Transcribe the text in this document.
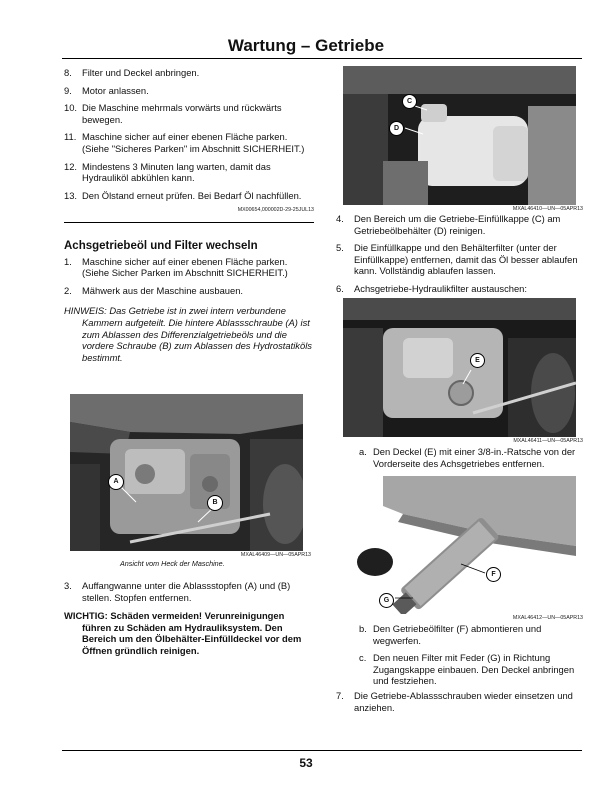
Wartung – Getriebe
8. Filter und Deckel anbringen.
9. Motor anlassen.
10. Die Maschine mehrmals vorwärts und rückwärts bewegen.
11. Maschine sicher auf einer ebenen Fläche parken. (Siehe "Sicheres Parken" im Abschnitt SICHERHEIT.)
12. Mindestens 3 Minuten lang warten, damit das Hydrauliköl abkühlen kann.
13. Den Ölstand erneut prüfen. Bei Bedarf Öl nachfüllen.
MX00654,000002D-29-25JUL13
Achsgetriebeöl und Filter wechseln
1. Maschine sicher auf einer ebenen Fläche parken. (Siehe Sicher Parken im Abschnitt SICHERHEIT.)
2. Mähwerk aus der Maschine ausbauen.
HINWEIS: Das Getriebe ist in zwei intern verbundene
Kammern aufgeteilt. Die hintere Ablassschraube (A) ist zum Ablassen des Differenzialgetriebeöls und die vordere Schraube (B) zum Ablassen des Hydrostatiköls bestimmt.
A
B
MXAL46409—UN—05APR13
Ansicht vom Heck der Maschine.
3. Auffangwanne unter die Ablassstopfen (A) und (B) stellen. Stopfen entfernen.
WICHTIG: Schäden vermeiden! Verunreinigungen
führen zu Schäden am Hydrauliksystem. Den Bereich um den Ölbehälter-Einfülldeckel vor dem Öffnen gründlich reinigen.
C
D
MXAL46410—UN—05APR13
4. Den Bereich um die Getriebe-Einfüllkappe (C) am Getriebeölbehälter (D) reinigen.
5. Die Einfüllkappe und den Behälterfilter (unter der Einfüllkappe) entfernen, damit das Öl besser ablaufen kann. Vollständig ablaufen lassen.
6. Achsgetriebe-Hydraulikfilter austauschen:
E
MXAL46411—UN—05APR13
a. Den Deckel (E) mit einer 3/8-in.-Ratsche von der Vorderseite des Achsgetriebes entfernen.
F
G
MXAL46412—UN—05APR13
b. Den Getriebeölfilter (F) abmontieren und wegwerfen.
c. Den neuen Filter mit Feder (G) in Richtung Zugangskappe einbauen. Den Deckel anbringen und festziehen.
7. Die Getriebe-Ablassschrauben wieder einsetzen und anziehen.
53
